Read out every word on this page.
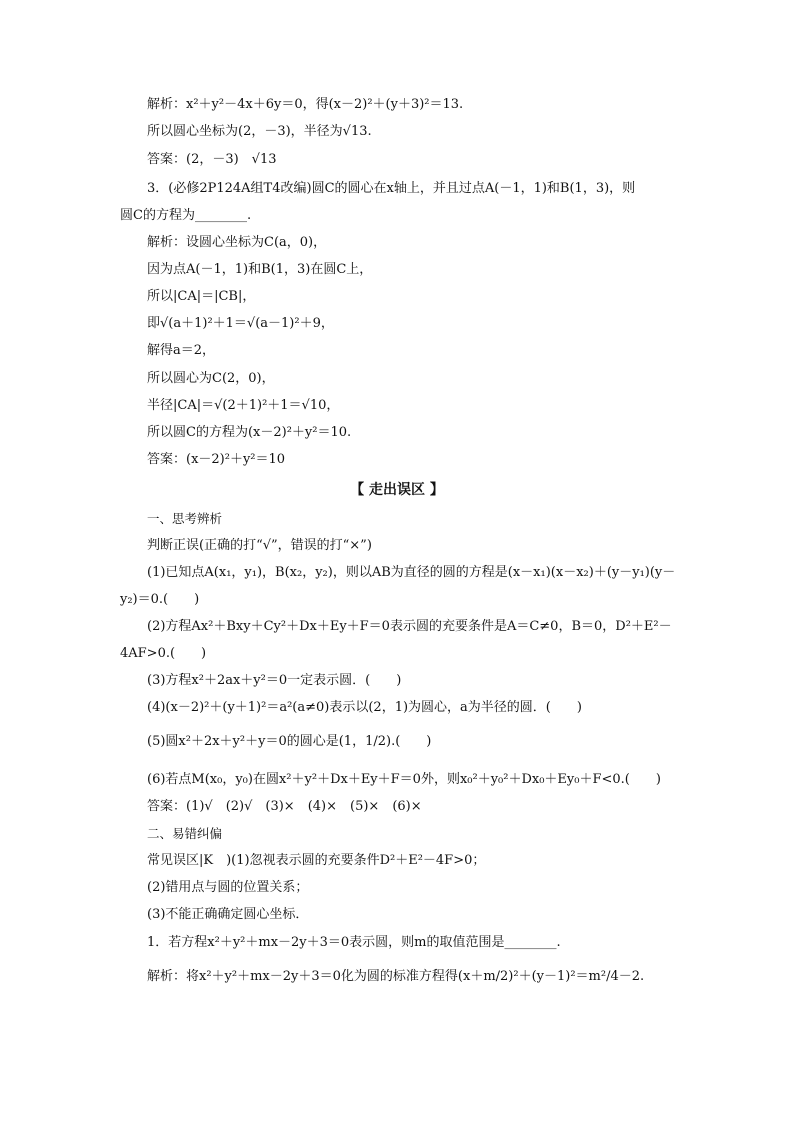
解析：x²＋y²－4x＋6y＝0，得(x－2)²＋(y＋3)²＝13.
所以圆心坐标为(2，－3)，半径为√13.
答案：(2，－3)　√13
3．(必修2P124A组T4改编)圆C的圆心在x轴上，并且过点A(－1，1)和B(1，3)，则
圆C的方程为________.
解析：设圆心坐标为C(a，0)，
因为点A(－1，1)和B(1，3)在圆C上，
所以|CA|＝|CB|，
即√(a＋1)²＋1＝√(a－1)²＋9，
解得a＝2，
所以圆心为C(2，0)，
半径|CA|＝√(2＋1)²＋1＝√10，
所以圆C的方程为(x－2)²＋y²＝10.
答案：(x－2)²＋y²＝10
【 走出误区 】
一、思考辨析
判断正误(正确的打“√”，错误的打“×”)
(1)已知点A(x₁，y₁)，B(x₂，y₂)，则以AB为直径的圆的方程是(x－x₁)(x－x₂)＋(y－y₁)(y－
y₂)＝0.(　　)
(2)方程Ax²＋Bxy＋Cy²＋Dx＋Ey＋F＝0表示圆的充要条件是A＝C≠0，B＝0，D²＋E²－
4AF>0.(　　)
(3)方程x²＋2ax＋y²＝0一定表示圆．(　　)
(4)(x－2)²＋(y＋1)²＝a²(a≠0)表示以(2，1)为圆心，a为半径的圆．(　　)
(5)圆x²＋2x＋y²＋y＝0的圆心是(1，1/2).(　　)
(6)若点M(x₀，y₀)在圆x²＋y²＋Dx＋Ey＋F＝0外，则x₀²＋y₀²＋Dx₀＋Ey₀＋F<0.(　　)
答案：(1)√　(2)√　(3)×　(4)×　(5)×　(6)×
二、易错纠偏
常见误区|K　)(1)忽视表示圆的充要条件D²＋E²－4F>0；
(2)错用点与圆的位置关系；
(3)不能正确确定圆心坐标．
1．若方程x²＋y²＋mx－2y＋3＝0表示圆，则m的取值范围是________.
解析：将x²＋y²＋mx－2y＋3＝0化为圆的标准方程得(x＋m/2)²＋(y－1)²＝m²/4－2.
